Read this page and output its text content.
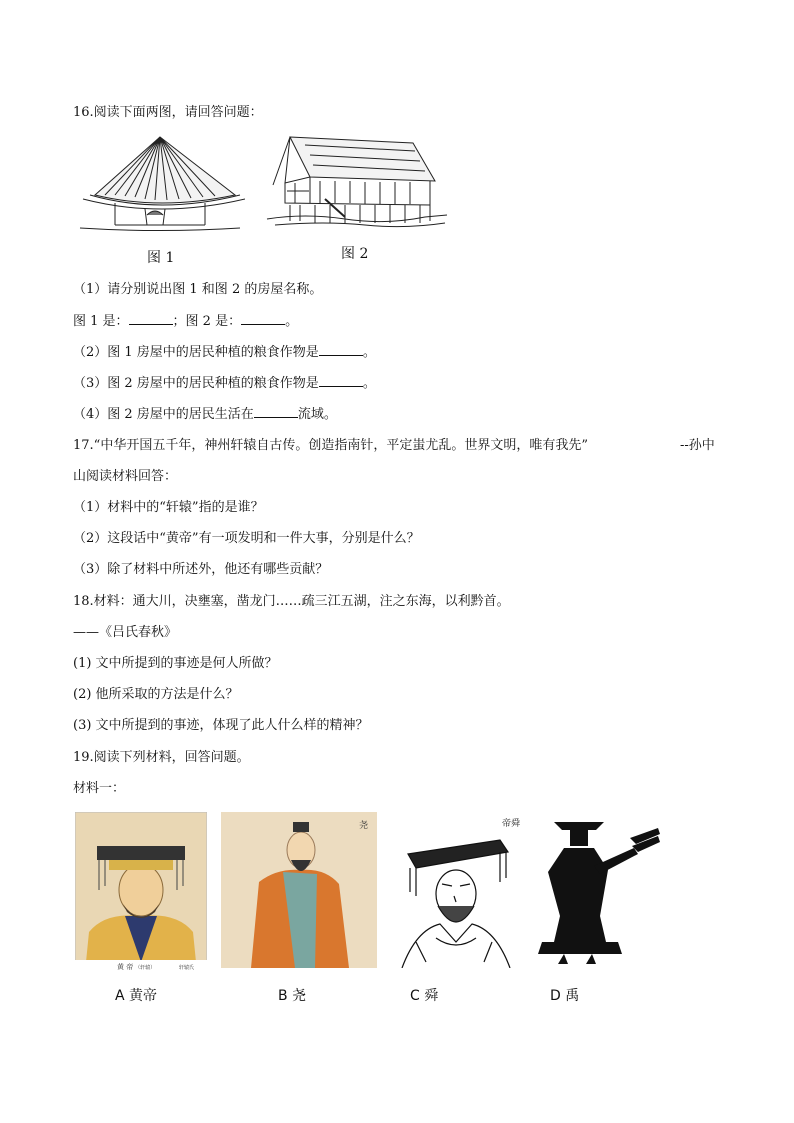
16.阅读下面两图，请回答问题：
图 1	图 2
（1）请分别说出图 1 和图 2 的房屋名称。
图 1 是：	；图 2 是：	。
（2）图 1 房屋中的居民种植的粮食作物是	。
（3）图 2 房屋中的居民种植的粮食作物是	。
（4）图 2 房屋中的居民生活在	流域。
17.“中华开国五千年，神州轩辕自古传。创造指南针，平定蚩尤乱。世界文明，唯有我先”	--孙中
山阅读材料回答：
（1）材料中的“轩辕”指的是谁？
（2）这段话中“黄帝”有一项发明和一件大事，分别是什么？
（3）除了材料中所述外，他还有哪些贡献？
18.材料：通大川，决壅塞，凿龙门……疏三江五湖，注之东海，以利黔首。
——《吕氏春秋》
(1) 文中所提到的事迹是何人所做？
(2) 他所采取的方法是什么？
(3) 文中所提到的事迹，体现了此人什么样的精神？
19.阅读下列材料，回答问题。
材料一：
黄 帝 （轩辕）	轩辕氏
A 黄帝
尧
B 尧
帝舜
C 舜	D 禹
